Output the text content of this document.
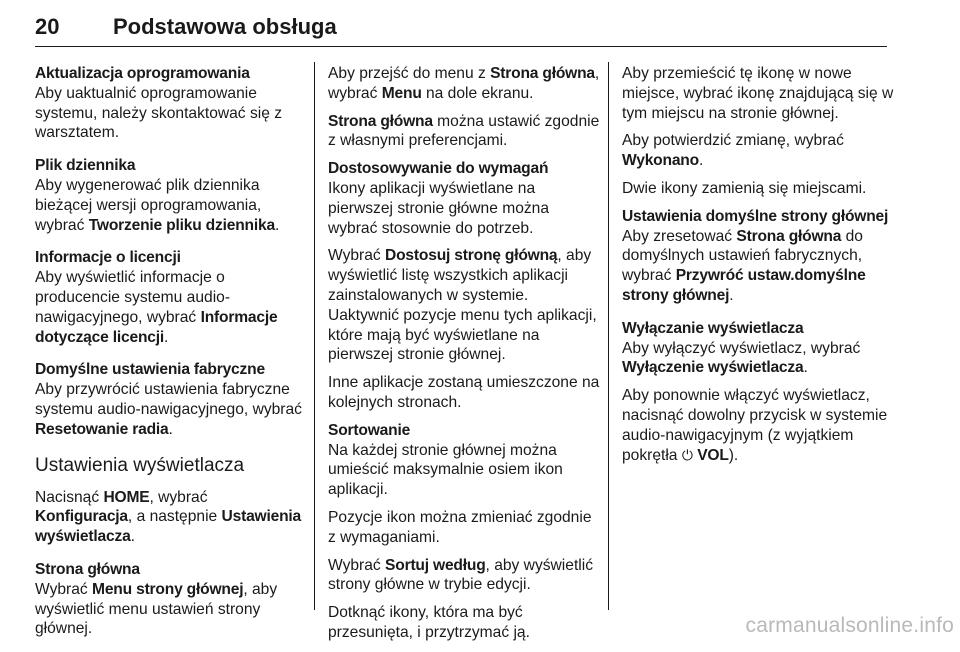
20 Podstawowa obsługa
Aktualizacja oprogramowania
Aby uaktualnić oprogramowanie systemu, należy skontaktować się z warsztatem.
Plik dziennika
Aby wygenerować plik dziennika bieżącej wersji oprogramowania, wybrać Tworzenie pliku dziennika.
Informacje o licencji
Aby wyświetlić informacje o producencie systemu audio-nawigacyjnego, wybrać Informacje dotyczące licencji.
Domyślne ustawienia fabryczne
Aby przywrócić ustawienia fabryczne systemu audio-nawigacyjnego, wybrać Resetowanie radia.
Ustawienia wyświetlacza
Nacisnąć HOME, wybrać Konfiguracja, a następnie Ustawienia wyświetlacza.
Strona główna
Wybrać Menu strony głównej, aby wyświetlić menu ustawień strony głównej.
Aby przejść do menu z Strona główna, wybrać Menu na dole ekranu.
Strona główna można ustawić zgodnie z własnymi preferencjami.
Dostosowywanie do wymagań
Ikony aplikacji wyświetlane na pierwszej stronie główne można wybrać stosownie do potrzeb.
Wybrać Dostosuj stronę główną, aby wyświetlić listę wszystkich aplikacji zainstalowanych w systemie. Uaktywnić pozycje menu tych aplikacji, które mają być wyświetlane na pierwszej stronie głównej.
Inne aplikacje zostaną umieszczone na kolejnych stronach.
Sortowanie
Na każdej stronie głównej można umieścić maksymalnie osiem ikon aplikacji.
Pozycje ikon można zmieniać zgodnie z wymaganiami.
Wybrać Sortuj według, aby wyświetlić strony główne w trybie edycji.
Dotknąć ikony, która ma być przesunięta, i przytrzymać ją.
Aby przemieścić tę ikonę w nowe miejsce, wybrać ikonę znajdującą się w tym miejscu na stronie głównej.
Aby potwierdzić zmianę, wybrać Wykonano.
Dwie ikony zamienią się miejscami.
Ustawienia domyślne strony głównej
Aby zresetować Strona główna do domyślnych ustawień fabrycznych, wybrać Przywróć ustaw.domyślne strony głównej.
Wyłączanie wyświetlacza
Aby wyłączyć wyświetlacz, wybrać Wyłączenie wyświetlacza.
Aby ponownie włączyć wyświetlacz, nacisnąć dowolny przycisk w systemie audio-nawigacyjnym (z wyjątkiem pokrętła ⏻ VOL).
carmanualsonline.info
